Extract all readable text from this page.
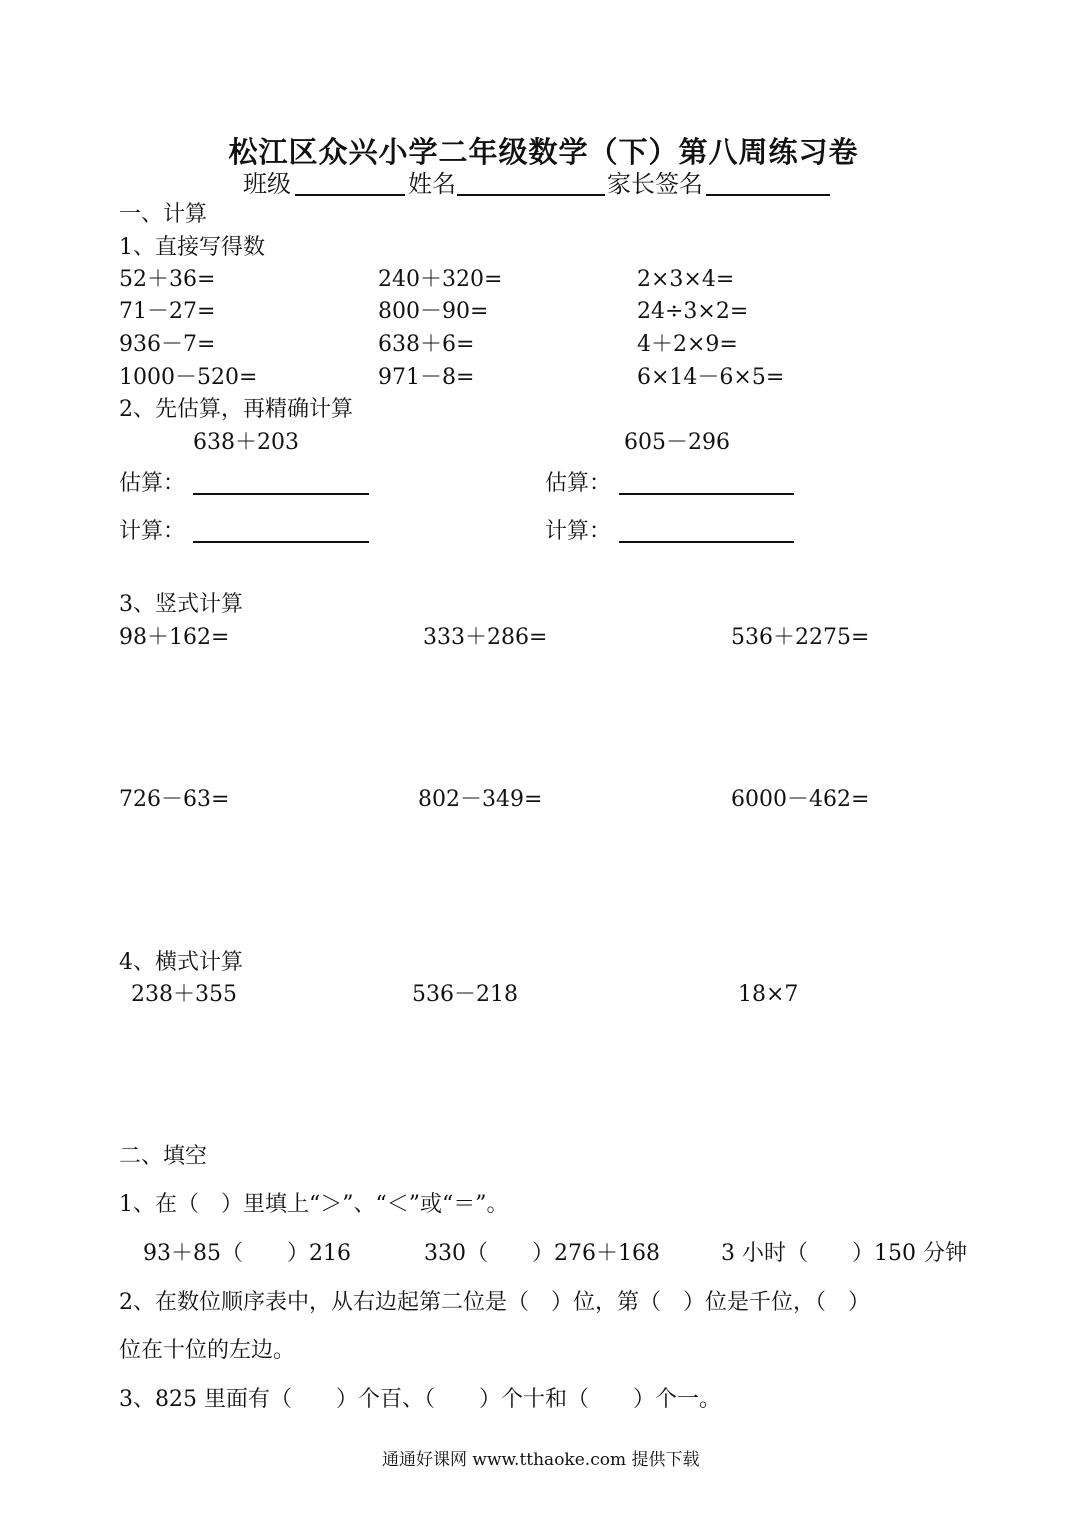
松江区众兴小学二年级数学（下）第八周练习卷
班级	姓名	家长签名
一、计算
1、直接写得数
52＋36=	240＋320=	2×3×4=
71－27=	800－90=	24÷3×2=
936－7=	638＋6=	4＋2×9=
1000－520=	971－8=	6×14－6×5=
2、先估算，再精确计算
638＋203	605－296
估算：	估算：
计算：	计算：
3、竖式计算
98＋162=	333＋286=	536＋2275=
726－63=	802－349=	6000－462=
4、横式计算
238＋355	536－218	18×7
二、填空
1、在（　）里填上“＞”、“＜”或“＝”。
93＋85（　　）216	330（　　）276＋168	3 小时（　　）150 分钟
2、在数位顺序表中，从右边起第二位是（　）位，第（　）位是千位，（　）
位在十位的左边。
3、825 里面有（　　）个百、（　　）个十和（　　）个一。
通通好课网 www.tthaoke.com 提供下载
